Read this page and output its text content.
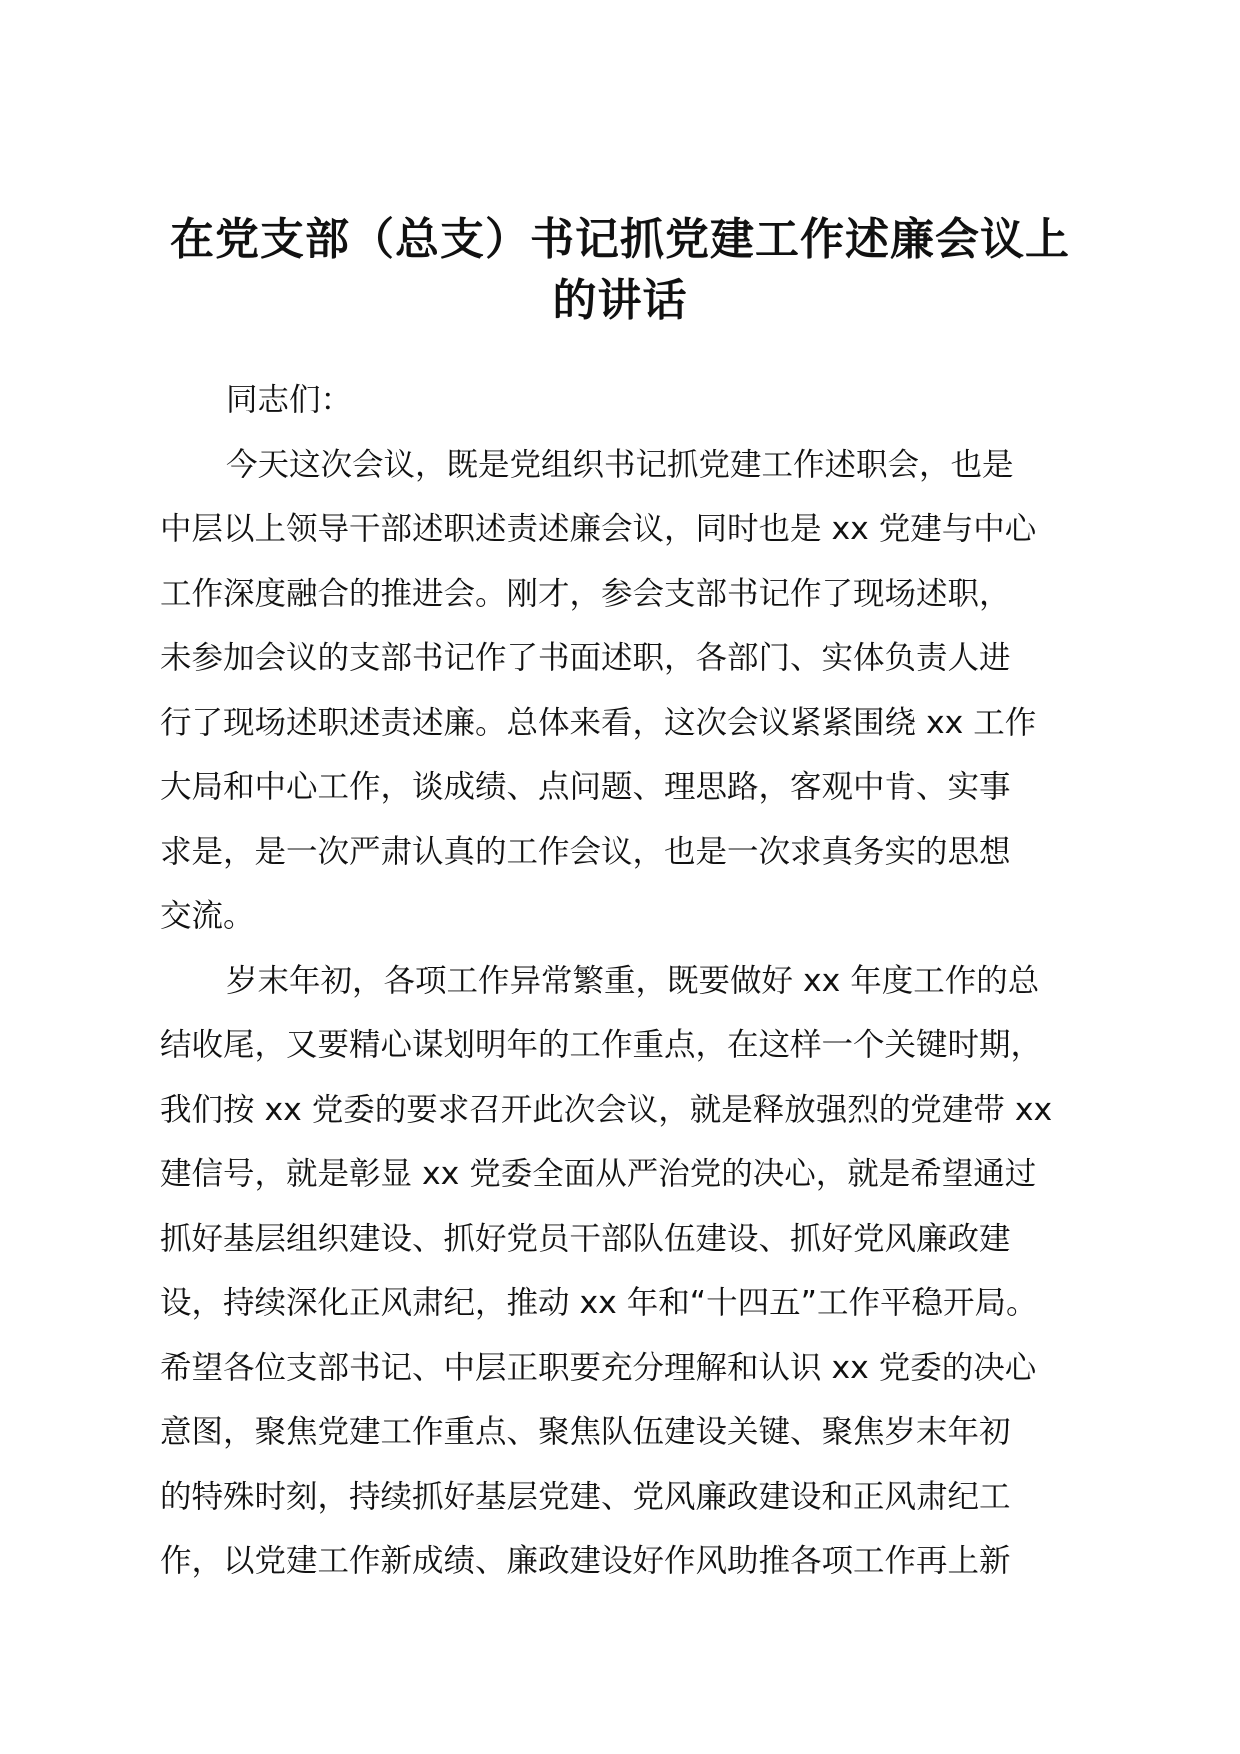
在党支部（总支）书记抓党建工作述廉会议上
的讲话
同志们：
今天这次会议，既是党组织书记抓党建工作述职会，也是
中层以上领导干部述职述责述廉会议，同时也是 xx 党建与中心
工作深度融合的推进会。刚才，参会支部书记作了现场述职，
未参加会议的支部书记作了书面述职，各部门、实体负责人进
行了现场述职述责述廉。总体来看，这次会议紧紧围绕 xx 工作
大局和中心工作，谈成绩、点问题、理思路，客观中肯、实事
求是，是一次严肃认真的工作会议，也是一次求真务实的思想
交流。
岁末年初，各项工作异常繁重，既要做好 xx 年度工作的总
结收尾，又要精心谋划明年的工作重点，在这样一个关键时期，
我们按 xx 党委的要求召开此次会议，就是释放强烈的党建带 xx
建信号，就是彰显 xx 党委全面从严治党的决心，就是希望通过
抓好基层组织建设、抓好党员干部队伍建设、抓好党风廉政建
设，持续深化正风肃纪，推动 xx 年和“十四五”工作平稳开局。
希望各位支部书记、中层正职要充分理解和认识 xx 党委的决心
意图，聚焦党建工作重点、聚焦队伍建设关键、聚焦岁末年初
的特殊时刻，持续抓好基层党建、党风廉政建设和正风肃纪工
作，以党建工作新成绩、廉政建设好作风助推各项工作再上新
